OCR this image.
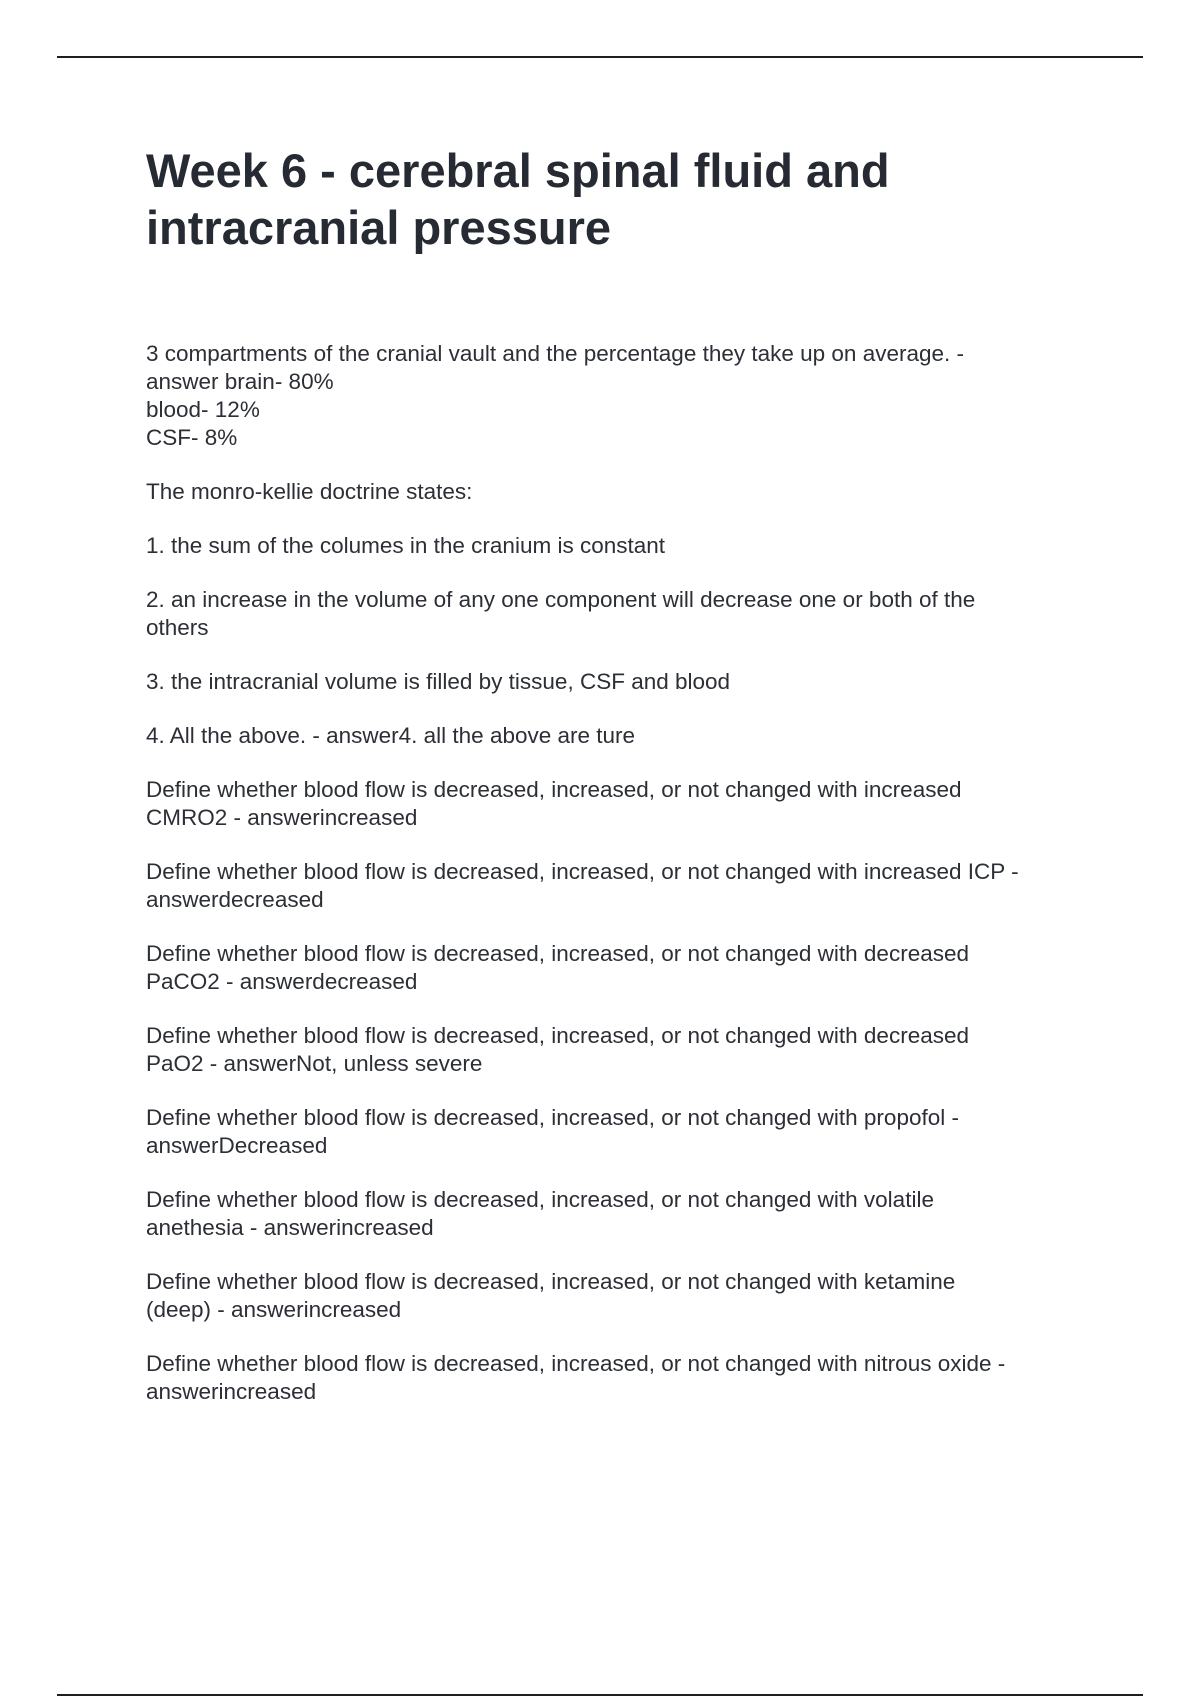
Week 6 - cerebral spinal fluid and
intracranial pressure

3 compartments of the cranial vault and the percentage they take up on average. -
answer brain- 80%
blood- 12%
CSF- 8%

The monro-kellie doctrine states:

1. the sum of the columes in the cranium is constant

2. an increase in the volume of any one component will decrease one or both of the
others

3. the intracranial volume is filled by tissue, CSF and blood

4. All the above. - answer4. all the above are ture

Define whether blood flow is decreased, increased, or not changed with increased
CMRO2 - answerincreased

Define whether blood flow is decreased, increased, or not changed with increased ICP -
answerdecreased

Define whether blood flow is decreased, increased, or not changed with decreased
PaCO2 - answerdecreased

Define whether blood flow is decreased, increased, or not changed with decreased
PaO2 - answerNot, unless severe

Define whether blood flow is decreased, increased, or not changed with propofol -
answerDecreased

Define whether blood flow is decreased, increased, or not changed with volatile
anethesia - answerincreased

Define whether blood flow is decreased, increased, or not changed with ketamine
(deep) - answerincreased

Define whether blood flow is decreased, increased, or not changed with nitrous oxide -
answerincreased
